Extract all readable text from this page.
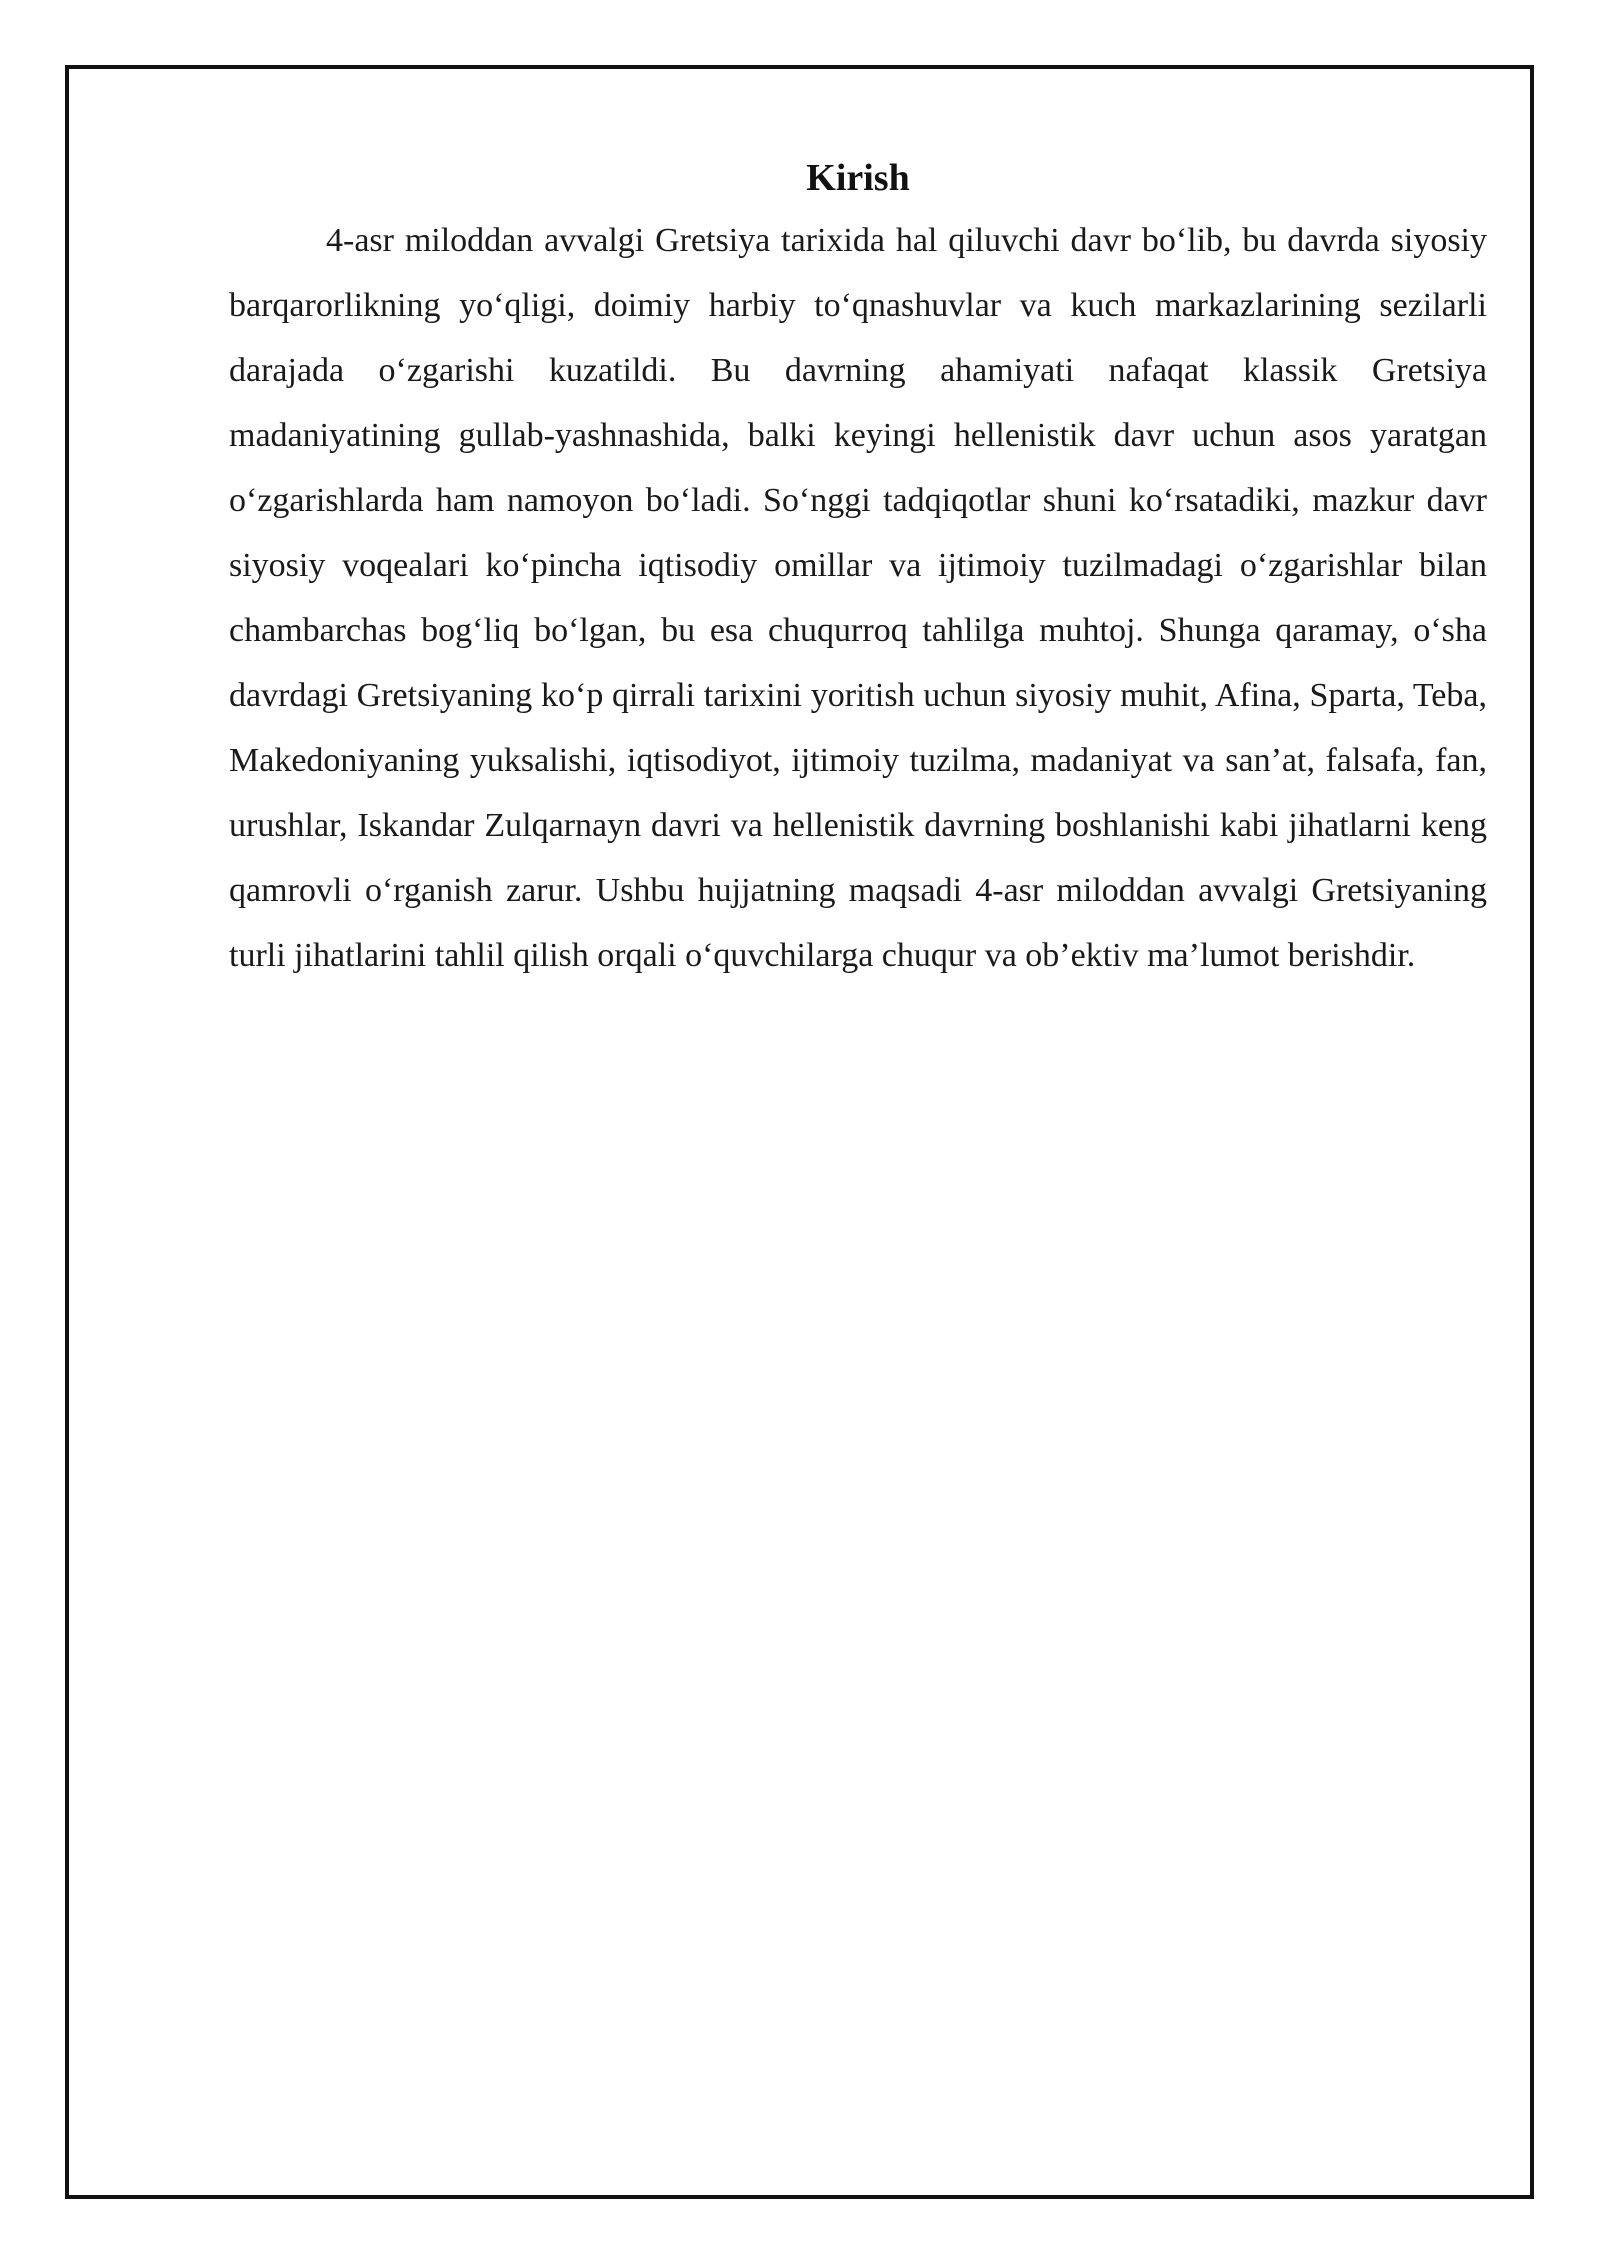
Kirish

4-asr miloddan avvalgi Gretsiya tarixida hal qiluvchi davr bo‘lib, bu davrda siyosiy barqarorlikning yo‘qligi, doimiy harbiy to‘qnashuvlar va kuch markazlarining sezilarli darajada o‘zgarishi kuzatildi. Bu davrning ahamiyati nafaqat klassik Gretsiya madaniyatining gullab-yashnashida, balki keyingi hellenistik davr uchun asos yaratgan o‘zgarishlarda ham namoyon bo‘ladi. So‘nggi tadqiqotlar shuni ko‘rsatadiki, mazkur davr siyosiy voqealari ko‘pincha iqtisodiy omillar va ijtimoiy tuzilmadagi o‘zgarishlar bilan chambarchas bog‘liq bo‘lgan, bu esa chuqurroq tahlilga muhtoj. Shunga qaramay, o‘sha davrdagi Gretsiyaning ko‘p qirrali tarixini yoritish uchun siyosiy muhit, Afina, Sparta, Teba, Makedoniyaning yuksalishi, iqtisodiyot, ijtimoiy tuzilma, madaniyat va san’at, falsafa, fan, urushlar, Iskandar Zulqarnayn davri va hellenistik davrning boshlanishi kabi jihatlarni keng qamrovli o‘rganish zarur. Ushbu hujjatning maqsadi 4-asr miloddan avvalgi Gretsiyaning turli jihatlarini tahlil qilish orqali o‘quvchilarga chuqur va ob’ektiv ma’lumot berishdir.
